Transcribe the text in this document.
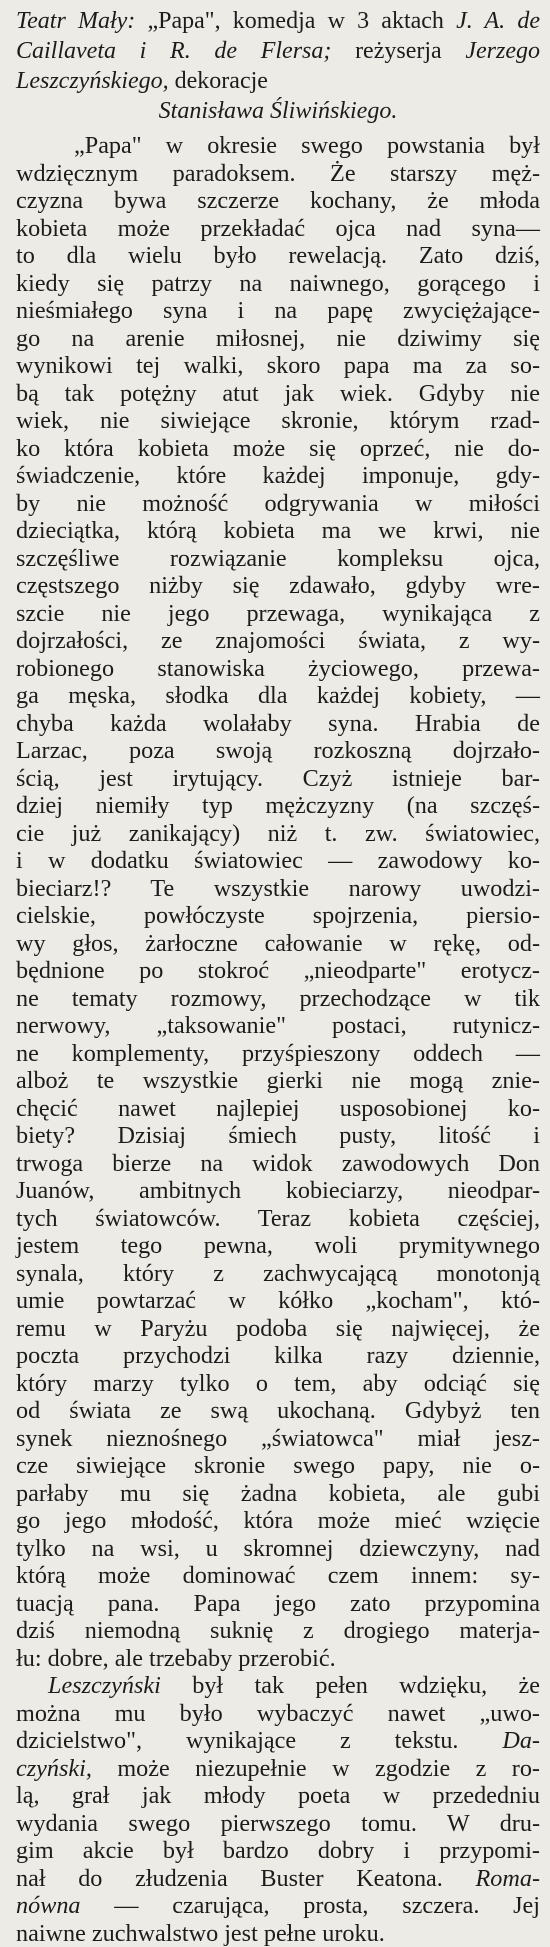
Teatr Mały: „Papa", komedja w 3 aktach J. A. de Caillaveta i R. de Flersa; reżyserja Jerzego Leszczyńskiego, dekoracje
Stanisława Śliwińskiego.
„Papa" w okresie swego powstania był
wdzięcznym paradoksem. Że starszy męż-
czyzna bywa szczerze kochany, że młoda
kobieta może przekładać ojca nad syna—
to dla wielu było rewelacją. Zato dziś,
kiedy się patrzy na naiwnego, gorącego i
nieśmiałego syna i na papę zwyciężające-
go na arenie miłosnej, nie dziwimy się
wynikowi tej walki, skoro papa ma za so-
bą tak potężny atut jak wiek. Gdyby nie
wiek, nie siwiejące skronie, którym rzad-
ko która kobieta może się oprzeć, nie do-
świadczenie, które każdej imponuje, gdy-
by nie możność odgrywania w miłości
dzieciątka, którą kobieta ma we krwi, nie
szczęśliwe rozwiązanie kompleksu ojca,
częstszego niżby się zdawało, gdyby wre-
szcie nie jego przewaga, wynikająca z
dojrzałości, ze znajomości świata, z wy-
robionego stanowiska życiowego, przewa-
ga męska, słodka dla każdej kobiety, —
chyba każda wolałaby syna. Hrabia de
Larzac, poza swoją rozkoszną dojrzało-
ścią, jest irytujący. Czyż istnieje bar-
dziej niemiły typ mężczyzny (na szczęś-
cie już zanikający) niż t. zw. światowiec,
i w dodatku światowiec — zawodowy ko-
bieciarz!? Te wszystkie narowy uwodzi-
cielskie, powłóczyste spojrzenia, piersio-
wy głos, żarłoczne całowanie w rękę, od-
będnione po stokroć „nieodparte" erotycz-
ne tematy rozmowy, przechodzące w tik
nerwowy, „taksowanie" postaci, rutynicz-
ne komplementy, przyśpieszony oddech —
alboż te wszystkie gierki nie mogą znie-
chęcić nawet najlepiej usposobionej ko-
biety? Dzisiaj śmiech pusty, litość i
trwoga bierze na widok zawodowych Don
Juanów, ambitnych kobieciarzy, nieodpar-
tych światowców. Teraz kobieta częściej,
jestem tego pewna, woli prymitywnego
synala, który z zachwycającą monotonją
umie powtarzać w kółko „kocham", któ-
remu w Paryżu podoba się najwięcej, że
poczta przychodzi kilka razy dziennie,
który marzy tylko o tem, aby odciąć się
od świata ze swą ukochaną. Gdybyż ten
synek nieznośnego „światowca" miał jesz-
cze siwiejące skronie swego papy, nie o-
parłaby mu się żadna kobieta, ale gubi
go jego młodość, która może mieć wzięcie
tylko na wsi, u skromnej dziewczyny, nad
którą może dominować czem innem: sy-
tuacją pana. Papa jego zato przypomina
dziś niemodną suknię z drogiego materja-
łu: dobre, ale trzebaby przerobić.
Leszczyński był tak pełen wdzięku, że
można mu było wybaczyć nawet „uwo-
dzicielstwo", wynikające z tekstu. Da-
czyński, może niezupełnie w zgodzie z ro-
lą, grał jak młody poeta w przededniu
wydania swego pierwszego tomu. W dru-
gim akcie był bardzo dobry i przypomi-
nał do złudzenia Buster Keatona. Roma-
nówna — czarująca, prosta, szczera. Jej
naiwne zuchwalstwo jest pełne uroku.
